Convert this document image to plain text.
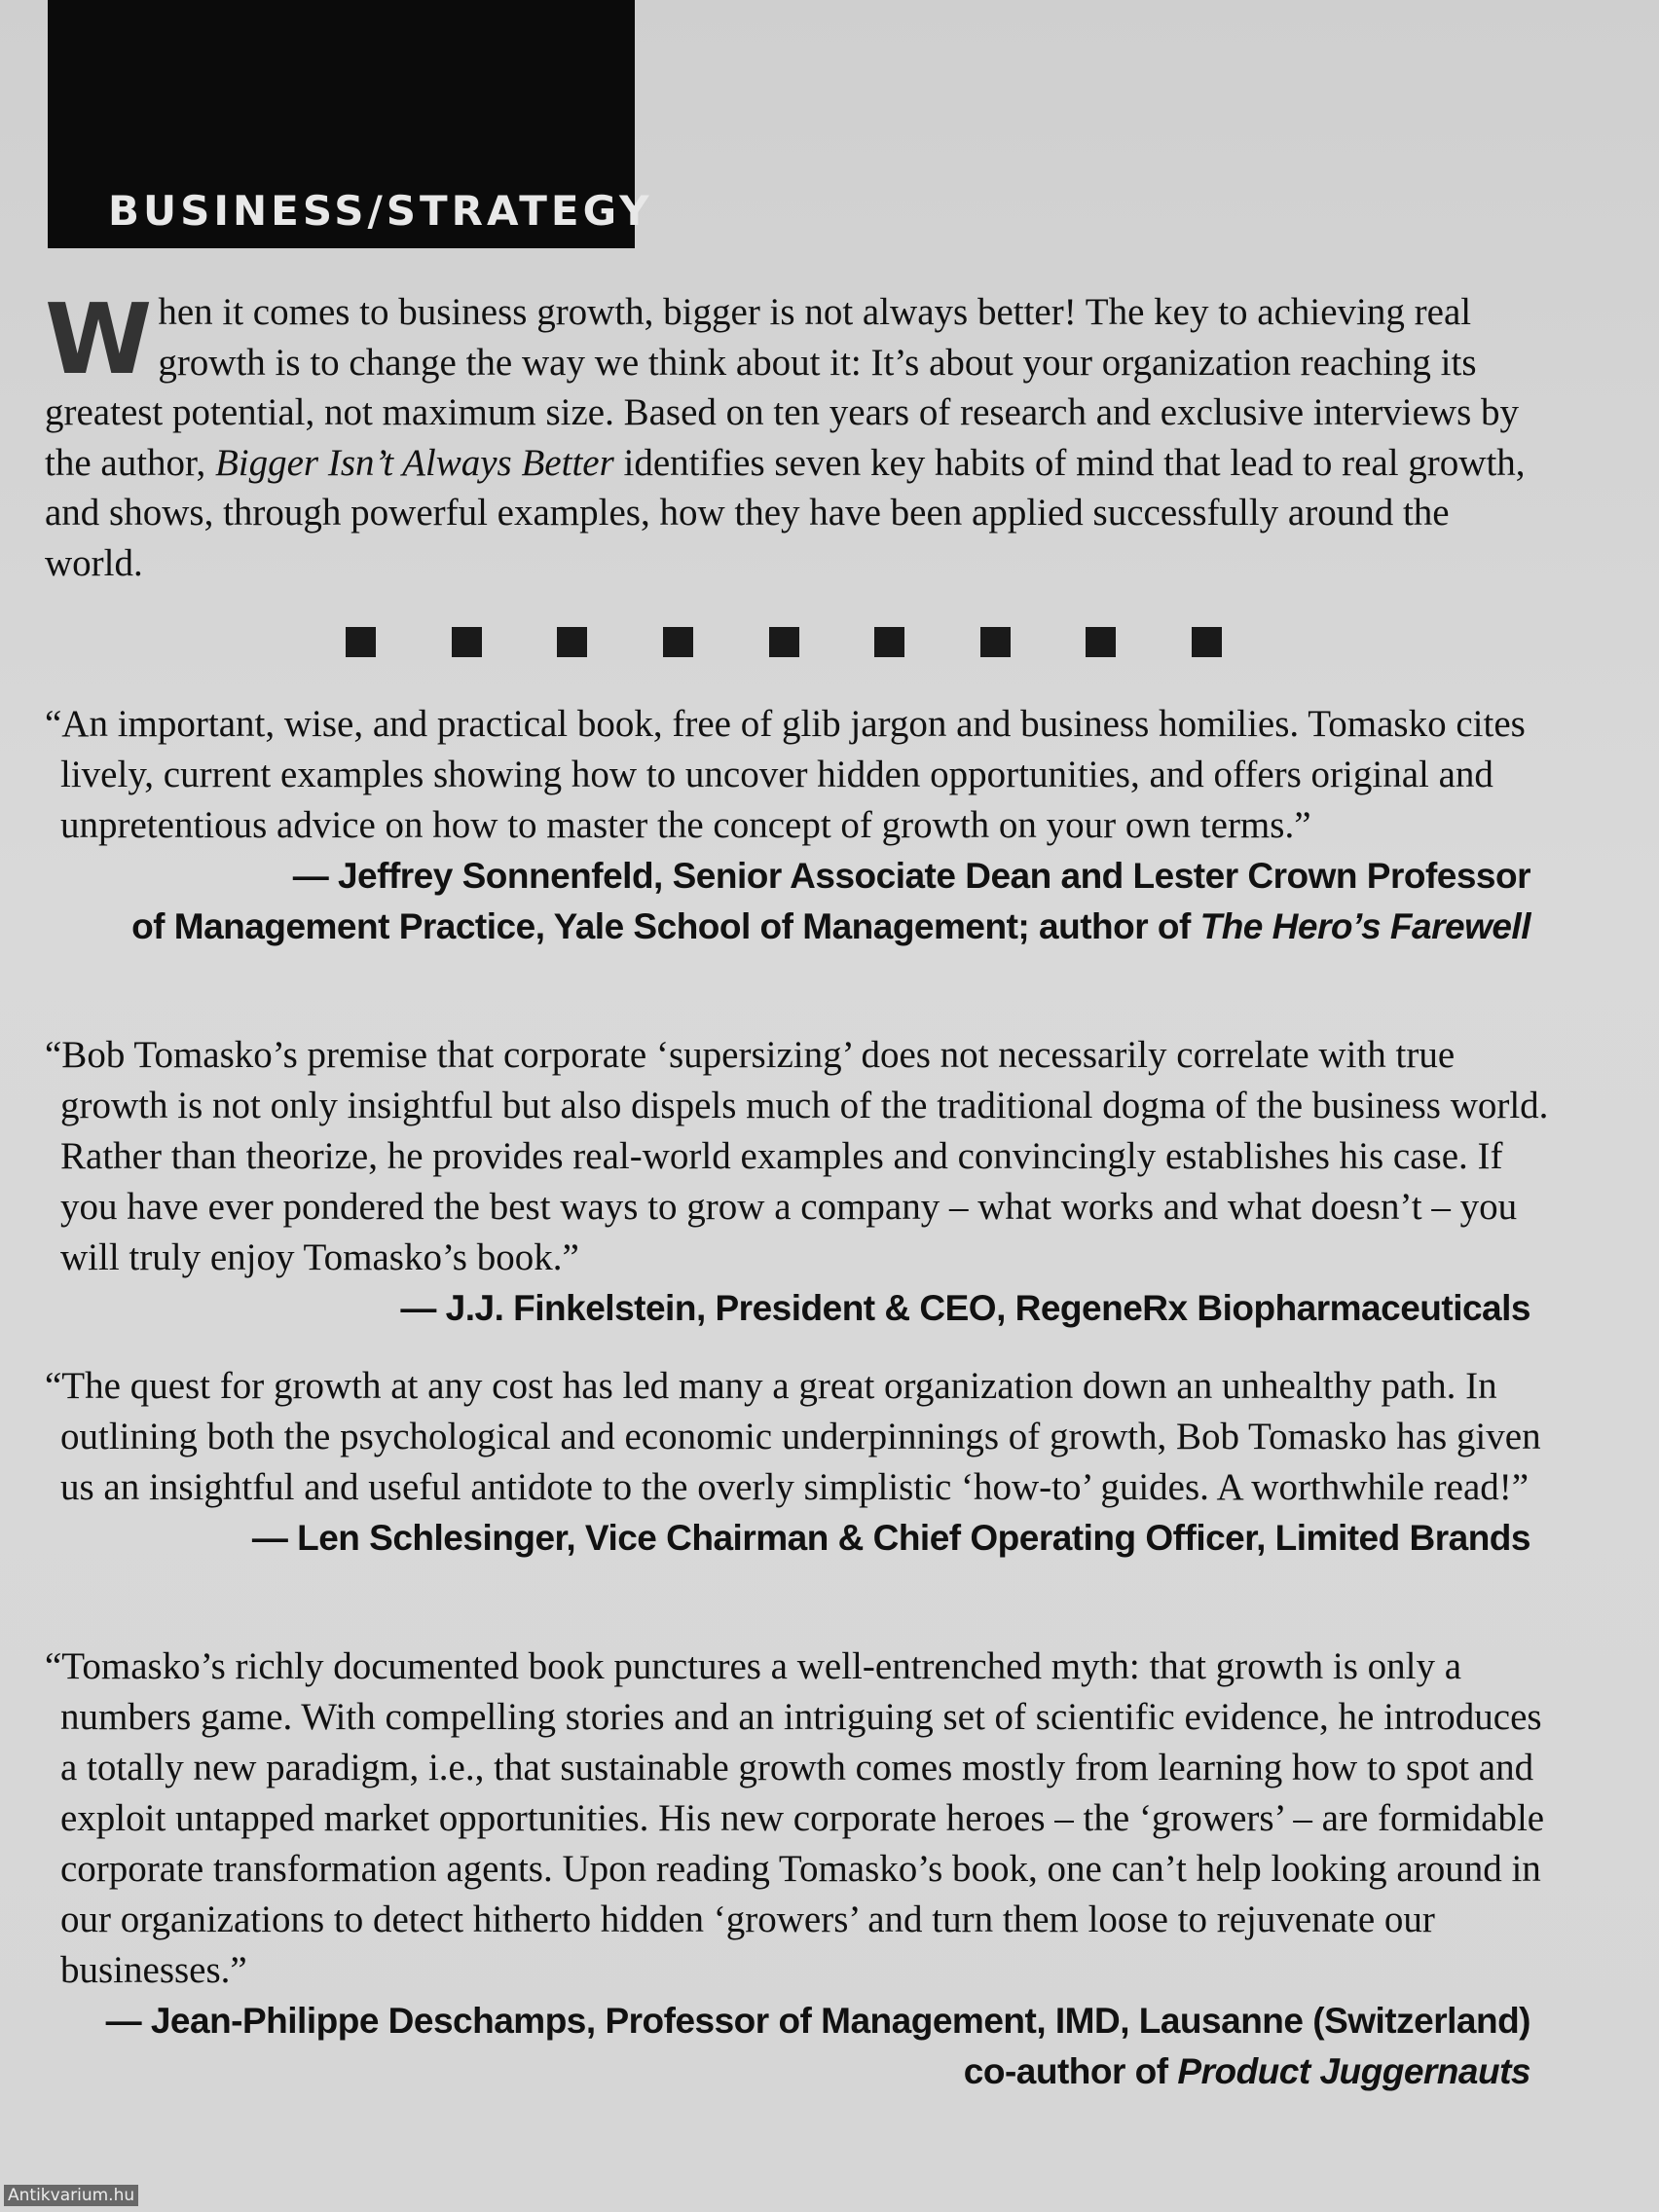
BUSINESS/STRATEGY
W hen it comes to business growth, bigger is not always better! The key to achieving real growth is to change the way we think about it: It’s about your organization reaching its greatest potential, not maximum size. Based on ten years of research and exclusive interviews by the author, Bigger Isn’t Always Better identifies seven key habits of mind that lead to real growth, and shows, through powerful examples, how they have been applied successfully around the world.

“An important, wise, and practical book, free of glib jargon and business homilies. Tomasko cites lively, current examples showing how to uncover hidden opportunities, and offers original and unpretentious advice on how to master the concept of growth on your own terms.”

— Jeffrey Sonnenfeld, Senior Associate Dean and Lester Crown Professor
of Management Practice, Yale School of Management; author of The Hero’s Farewell

“Bob Tomasko’s premise that corporate ‘supersizing’ does not necessarily correlate with true growth is not only insightful but also dispels much of the traditional dogma of the business world. Rather than theorize, he provides real-world examples and convincingly establishes his case. If you have ever pondered the best ways to grow a company – what works and what doesn’t – you will truly enjoy Tomasko’s book.”

— J.J. Finkelstein, President & CEO, RegeneRx Biopharmaceuticals

“The quest for growth at any cost has led many a great organization down an unhealthy path. In outlining both the psychological and economic underpinnings of growth, Bob Tomasko has given us an insightful and useful antidote to the overly simplistic ‘how-to’ guides. A worthwhile read!”

— Len Schlesinger, Vice Chairman & Chief Operating Officer, Limited Brands

“Tomasko’s richly documented book punctures a well-entrenched myth: that growth is only a numbers game. With compelling stories and an intriguing set of scientific evidence, he introduces a totally new paradigm, i.e., that sustainable growth comes mostly from learning how to spot and exploit untapped market opportunities. His new corporate heroes – the ‘growers’ – are formidable corporate transformation agents. Upon reading Tomasko’s book, one can’t help looking around in our organizations to detect hitherto hidden ‘growers’ and turn them loose to rejuvenate our businesses.”

— Jean-Philippe Deschamps, Professor of Management, IMD, Lausanne (Switzerland)
co-author of Product Juggernauts
Antikvarium.hu
